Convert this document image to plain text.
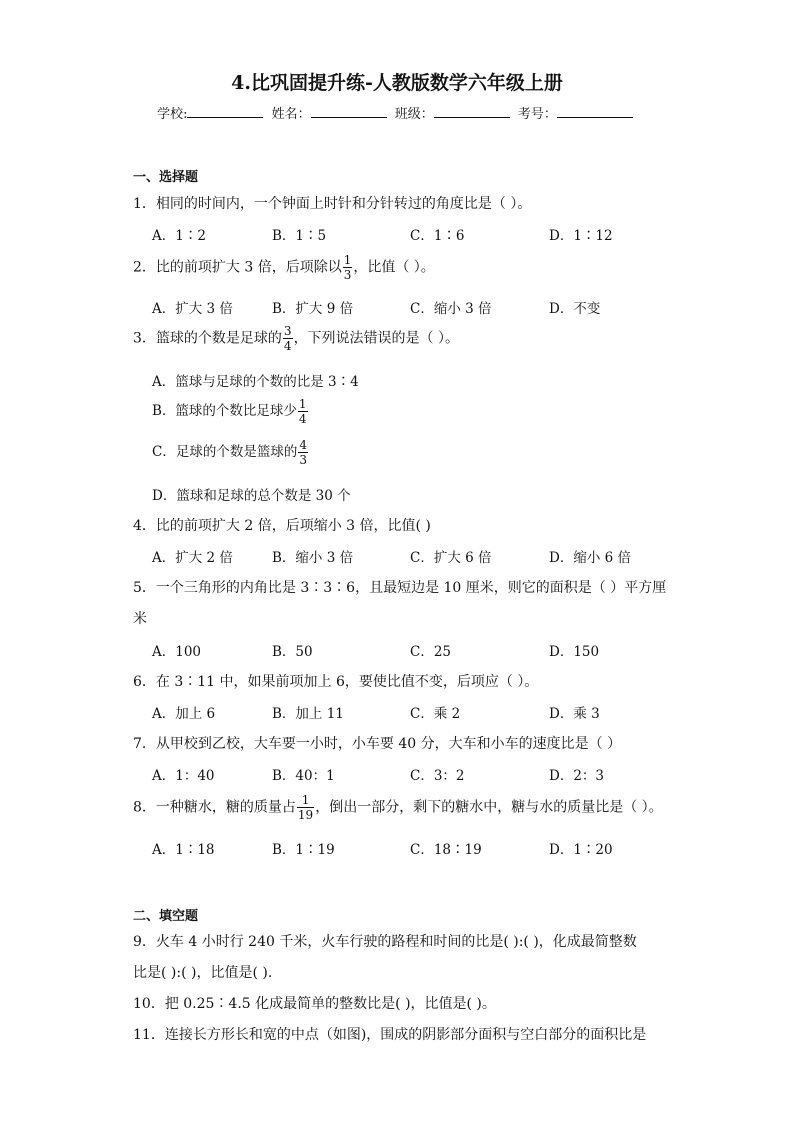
4.比巩固提升练-人教版数学六年级上册
学校:	姓名：	班级：	考号：
一、选择题
1．相同的时间内，一个钟面上时针和分针转过的角度比是（ ）。
A．1∶2	B．1∶5	C．1∶6	D．1∶12
2．比的前项扩大 3 倍，后项除以 $\frac{1}{3}$ ，比值（ ）。
A．扩大 3 倍	B．扩大 9 倍	C．缩小 3 倍	D．不变
3．篮球的个数是足球的 $\frac{3}{4}$ ，下列说法错误的是（ ）。
A．篮球与足球的个数的比是 3∶4
B．篮球的个数比足球少 $\frac{1}{4}$
C．足球的个数是篮球的 $\frac{4}{3}$
D．篮球和足球的总个数是 30 个
4．比的前项扩大 2 倍，后项缩小 3 倍，比值( )
A．扩大 2 倍	B．缩小 3 倍	C．扩大 6 倍	D．缩小 6 倍
5．一个三角形的内角比是 3∶3∶6，且最短边是 10 厘米，则它的面积是（ ）平方厘
米
A．100	B．50	C．25	D．150
6．在 3∶11 中，如果前项加上 6，要使比值不变，后项应（ ）。
A．加上 6	B．加上 11	C．乘 2	D．乘 3
7．从甲校到乙校，大车要一小时，小车要 40 分，大车和小车的速度比是（ ）
A．1：40	B．40：1	C．3：2	D．2：3
8．一种糖水，糖的质量占 $\frac{1}{19}$ ，倒出一部分，剩下的糖水中，糖与水的质量比是（ ）。
A．1∶18	B．1∶19	C．18∶19	D．1∶20
二、填空题
9．火车 4 小时行 240 千米，火车行驶的路程和时间的比是( ):( )，化成最简整数
比是( ):( )，比值是( ).
10．把 0.25∶4.5 化成最简单的整数比是( )，比值是( )。
11．连接长方形长和宽的中点（如图)，围成的阴影部分面积与空白部分的面积比是
